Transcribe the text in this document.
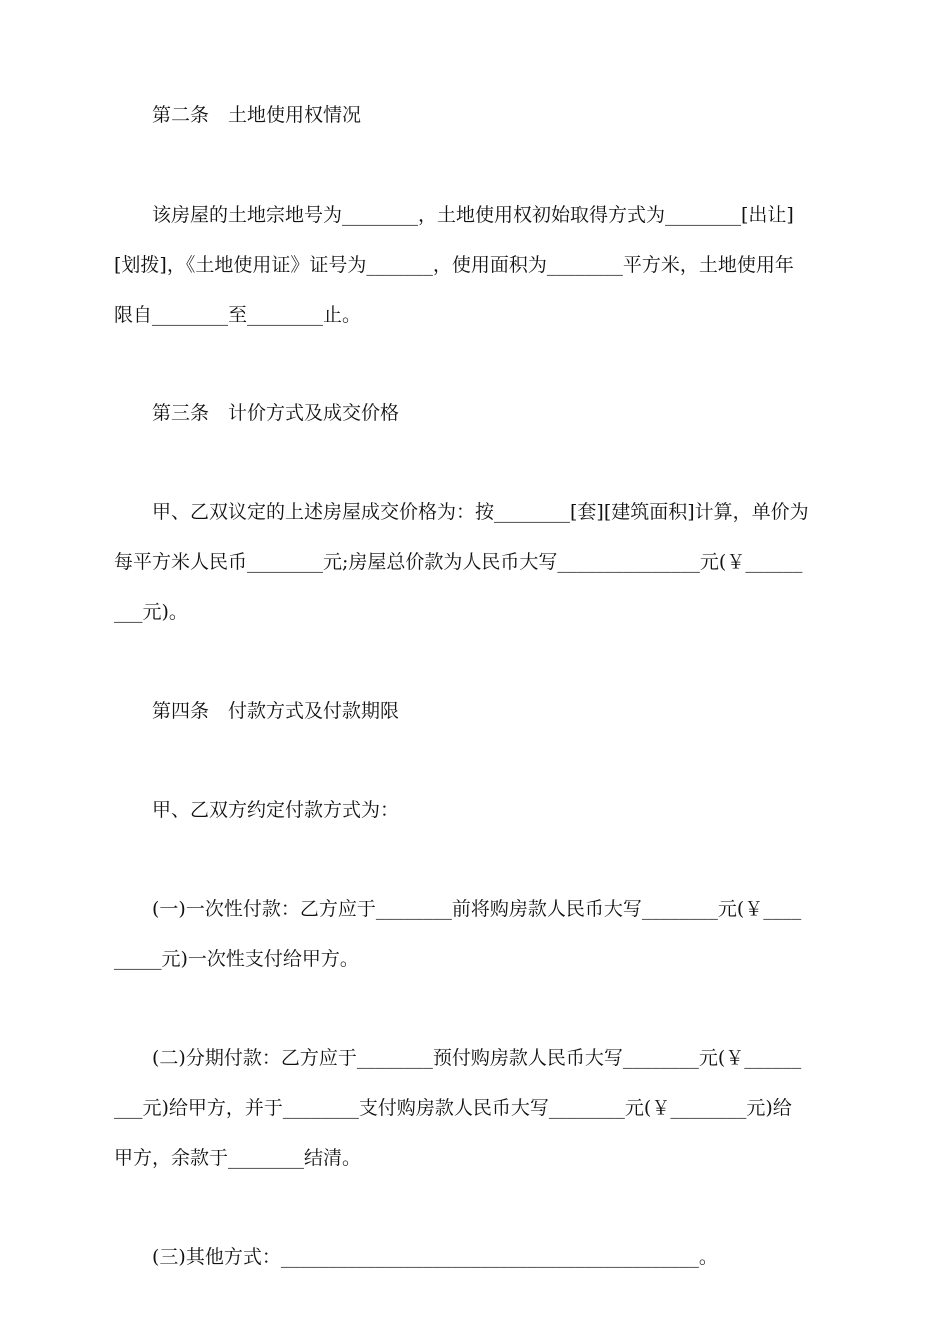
第二条　土地使用权情况
该房屋的土地宗地号为________，土地使用权初始取得方式为________[出让]
[划拨]，《土地使用证》证号为_______，使用面积为________平方米，土地使用年
限自________至________止。
第三条　计价方式及成交价格
甲、乙双议定的上述房屋成交价格为：按________[套][建筑面积]计算，单价为
每平方米人民币________元;房屋总价款为人民币大写_______________元(￥______
___元)。
第四条　付款方式及付款期限
甲、乙双方约定付款方式为：
(一)一次性付款：乙方应于________前将购房款人民币大写________元(￥____
_____元)一次性支付给甲方。
(二)分期付款：乙方应于________预付购房款人民币大写________元(￥______
___元)给甲方，并于________支付购房款人民币大写________元(￥________元)给
甲方，余款于________结清。
(三)其他方式：____________________________________________。
